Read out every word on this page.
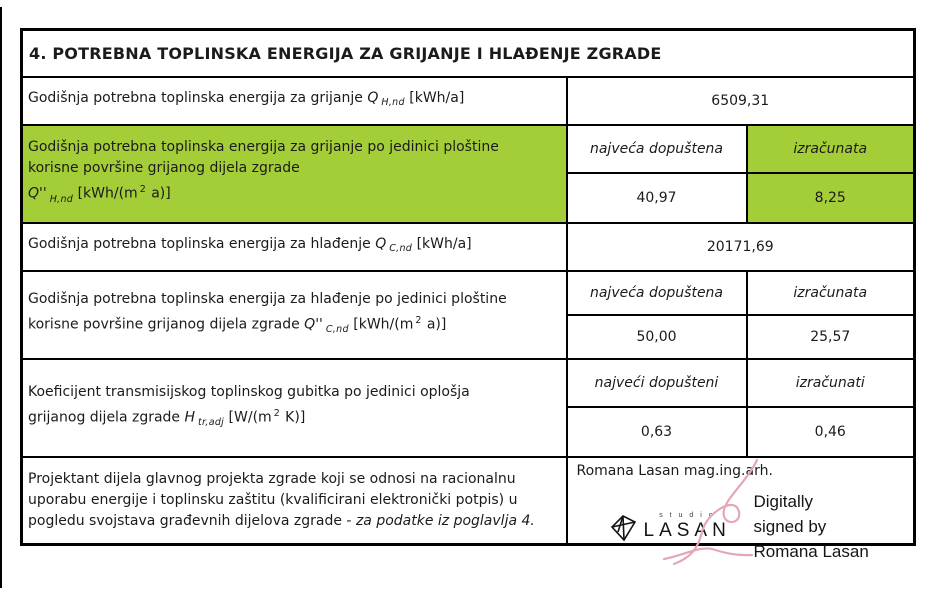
4. POTREBNA TOPLINSKA ENERGIJA ZA GRIJANJE I HLAĐENJE ZGRADE		
Godišnja potrebna toplinska energija za grijanje Q $_{H,nd}$ [kWh/a]	6509,31	
Godišnja potrebna toplinska energija za grijanje po jedinici ploštine
korisne površine grijanog dijela zgrade
Q'' $_{H,nd}$ [kWh/(m $^2$ a)]	najveća dopuštena	izračunata
	40,97	8,25
Godišnja potrebna toplinska energija za hlađenje Q $_{C,nd}$ [kWh/a]	20171,69	
Godišnja potrebna toplinska energija za hlađenje po jedinici ploštine
korisne površine grijanog dijela zgrade Q'' $_{C,nd}$ [kWh/(m $^2$ a)]	najveća dopuštena	izračunata
	50,00	25,57
Koeficijent transmisijskog toplinskog gubitka po jedinici oplošja
grijanog dijela zgrade H $_{tr,adj}$ [W/(m $^2$ K)]	najveći dopušteni	izračunati
	0,63	0,46
Projektant dijela glavnog projekta zgrade koji se odnosi na racionalnu uporabu energije i toplinsku zaštitu (kvalificirani elektronički potpis) u pogledu svojstava građevnih dijelova zgrade - za podatke iz poglavlja 4.	
Romana Lasan mag.ing.arh.
s t u d i o
LASAN
Digitally
signed by
Romana Lasan
